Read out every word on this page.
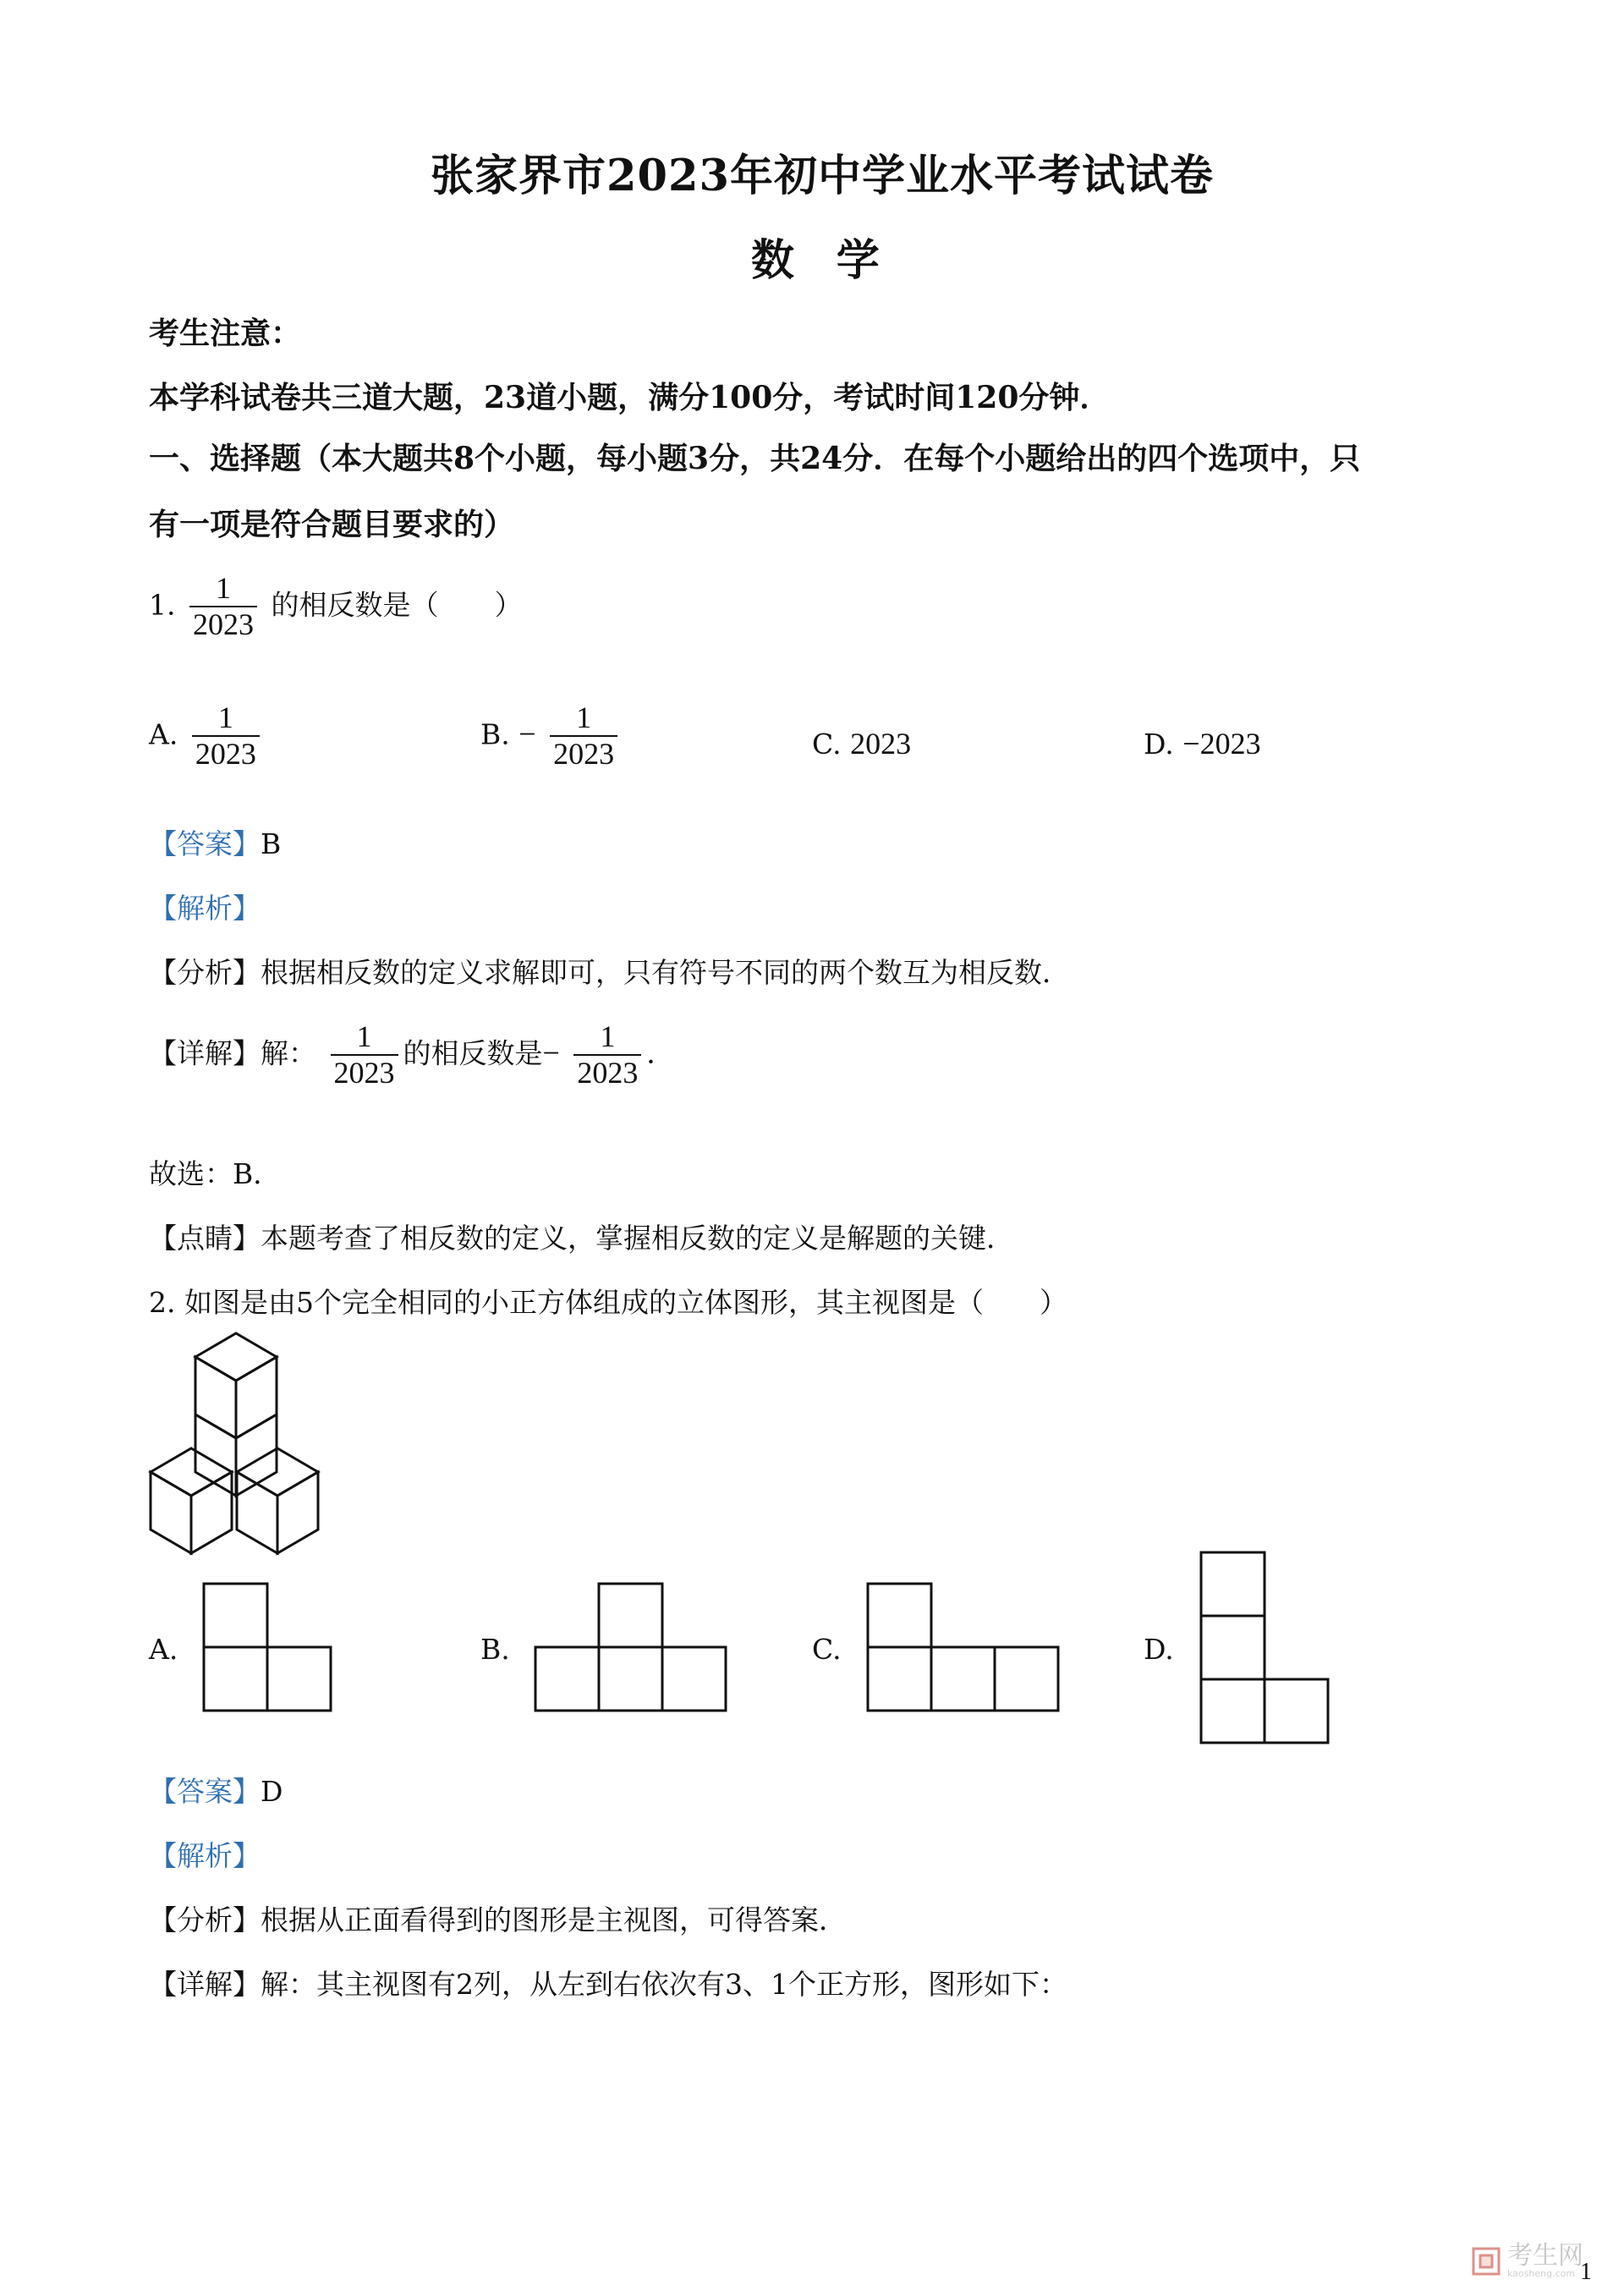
张家界市2023年初中学业水平考试试卷
数 学
考生注意：
本学科试卷共三道大题，23道小题，满分100分，考试时间120分钟．
一、选择题（本大题共8个小题，每小题3分，共24分．在每个小题给出的四个选项中，只
有一项是符合题目要求的）
1. $\frac{1}{2023}$ 的相反数是（　　）
A. $\frac{1}{2023}$	B. − $\frac{1}{2023}$	C. 2023	D. −2023
【答案】B
【解析】
【分析】根据相反数的定义求解即可，只有符号不同的两个数互为相反数．
【详解】解： $\frac{1}{2023}$ 的相反数是− $\frac{1}{2023}$ ．
故选：B．
【点睛】本题考查了相反数的定义，掌握相反数的定义是解题的关键．
2. 如图是由5个完全相同的小正方体组成的立体图形，其主视图是（　　）
A.	B.	C.	D.
【答案】D
【解析】
【分析】根据从正面看得到的图形是主视图，可得答案．
【详解】解：其主视图有2列，从左到右依次有3、1个正方形，图形如下：
考生网
kaosheng.com 1
